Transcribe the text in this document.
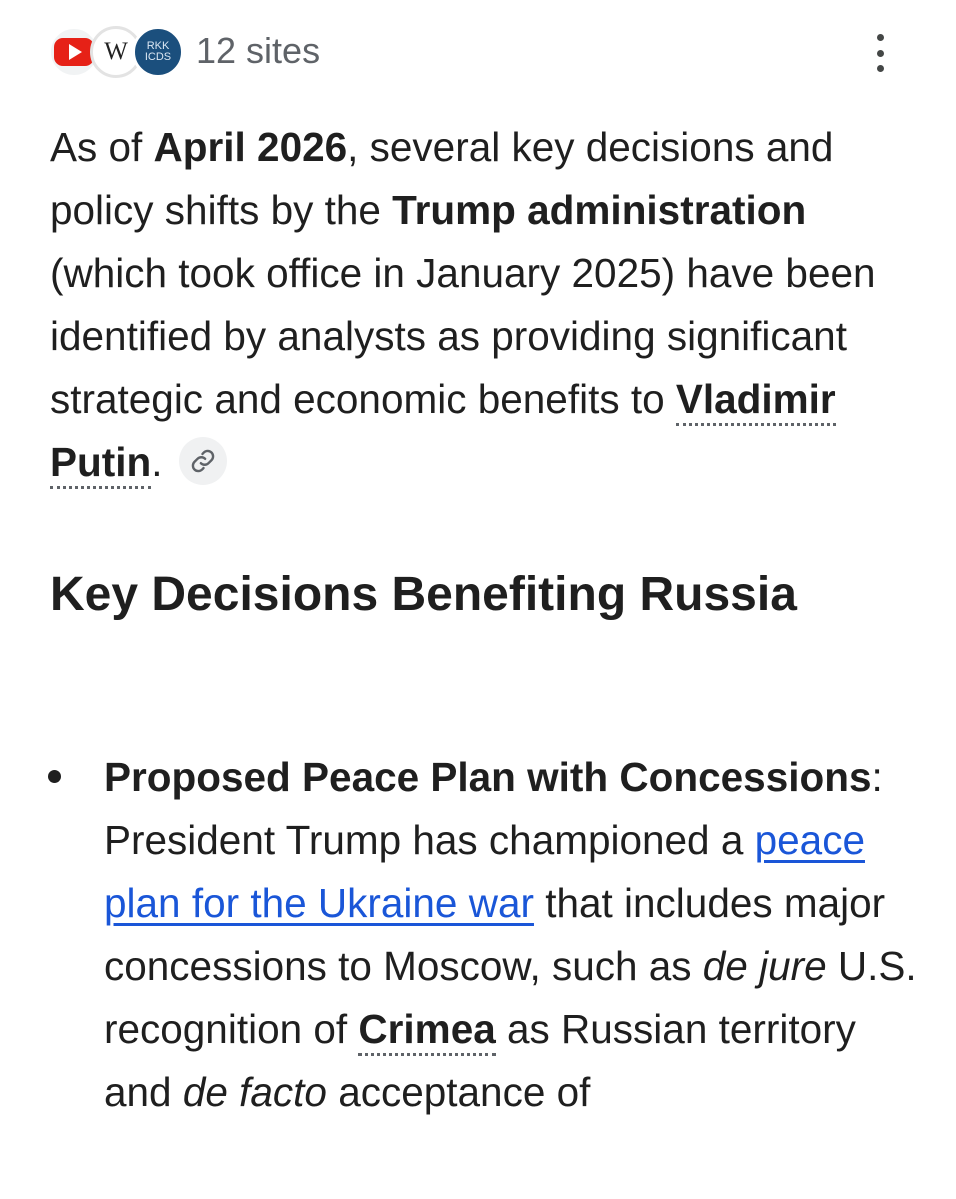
W RKK
ICDS 12 sites

As of April 2026, several key decisions and policy shifts by the Trump administration (which took office in January 2025) have been identified by analysts as providing significant strategic and economic benefits to Vladimir Putin.

Key Decisions Benefiting Russia

Proposed Peace Plan with Concessions: President Trump has championed a peace plan for the Ukraine war that includes major concessions to Moscow, such as de jure U.S. recognition of Crimea as Russian territory and de facto acceptance of
